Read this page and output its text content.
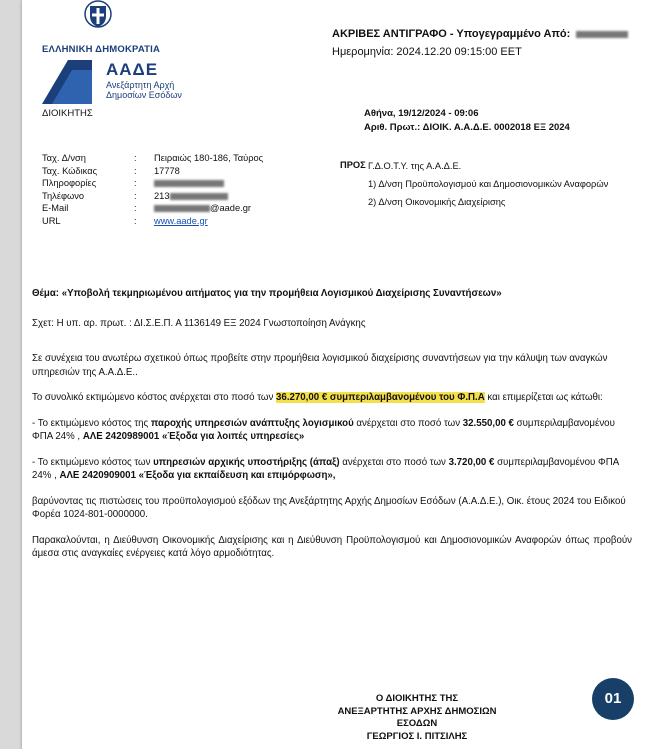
ΕΛΛΗΝΙΚΗ ΔΗΜΟΚΡΑΤΙΑ
ΑΑΔΕ
Ανεξάρτητη Αρχή
Δημοσίων Εσόδων
ΔΙΟΙΚΗΤΗΣ
ΑΚΡΙΒΕΣ ΑΝΤΙΓΡΑΦΟ - Υπογεγραμμένο Από:
Ημερομηνία: 2024.12.20 09:15:00 EET
Αθήνα, 19/12/2024 - 09:06
Αριθ. Πρωτ.: ΔΙΟΙΚ. Α.Α.Δ.Ε. 0002018 ΕΞ 2024
Ταχ. Δ/νση	:	Πειραιώς 180-186, Ταύρος
Ταχ. Κώδικας	:	17778
Πληροφορίες	:
Τηλέφωνο	:	213
E-Mail	:	@aade.gr
URL	:	www.aade.gr
ΠΡΟΣ Γ.Δ.Ο.Τ.Υ. της Α.Α.Δ.Ε.

1) Δ/νση Προϋπολογισμού και Δημοσιονομικών Αναφορών

2) Δ/νση Οικονομικής Διαχείρισης

Θέμα: «Υποβολή τεκμηριωμένου αιτήματος για την προμήθεια Λογισμικού Διαχείρισης Συναντήσεων»

Σχετ: Η υπ. αρ. πρωτ. : ΔΙ.Σ.Ε.Π. Α 1136149 ΕΞ 2024 Γνωστοποίηση Ανάγκης

Σε συνέχεια του ανωτέρω σχετικού όπως προβείτε στην προμήθεια λογισμικού διαχείρισης συναντήσεων για την κάλυψη των αναγκών υπηρεσιών της Α.Α.Δ.Ε..

Το συνολικό εκτιμώμενο κόστος ανέρχεται στο ποσό των 36.270,00 € συμπεριλαμβανομένου του Φ.Π.Α και επιμερίζεται ως κάτωθι:

- Το εκτιμώμενο κόστος της παροχής υπηρεσιών ανάπτυξης λογισμικού ανέρχεται στο ποσό των 32.550,00 € συμπεριλαμβανομένου ΦΠΑ 24% , ΑΛΕ 2420989001 «Έξοδα για λοιπές υπηρεσίες»

- Το εκτιμώμενο κόστος των υπηρεσιών αρχικής υποστήριξης (άπαξ) ανέρχεται στο ποσό των 3.720,00 € συμπεριλαμβανομένου ΦΠΑ 24% , ΑΛΕ 2420909001 «Έξοδα για εκπαίδευση και επιμόρφωση»,

βαρύνοντας τις πιστώσεις του προϋπολογισμού εξόδων της Ανεξάρτητης Αρχής Δημοσίων Εσόδων (Α.Α.Δ.Ε.), Οικ. έτους 2024 του Ειδικού Φορέα 1024-801-0000000.

Παρακαλούνται, η Διεύθυνση Οικονομικής Διαχείρισης και η Διεύθυνση Προϋπολογισμού και Δημοσιονομικών Αναφορών όπως προβούν άμεσα στις αναγκαίες ενέργειες κατά λόγο αρμοδιότητας.

Ο ΔΙΟΙΚΗΤΗΣ ΤΗΣ
ΑΝΕΞΑΡΤΗΤΗΣ ΑΡΧΗΣ ΔΗΜΟΣΙΩΝ ΕΣΟΔΩΝ
ΓΕΩΡΓΙΟΣ Ι. ΠΙΤΣΙΛΗΣ
01
